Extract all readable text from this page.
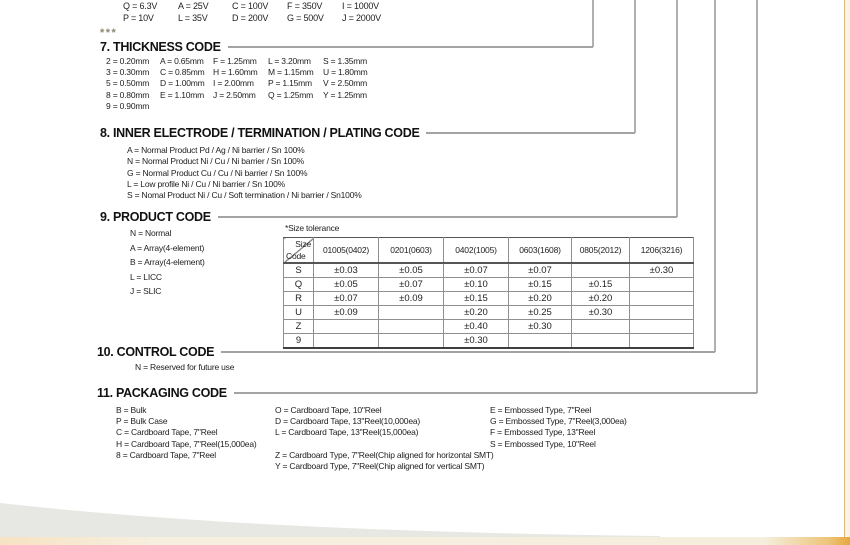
Q = 6.3V	A = 25V	C = 100V	F = 350V	I = 1000V
P = 10V	L = 35V	D = 200V	G = 500V	J = 2000V
***
7. THICKNESS CODE
2 = 0.20mm
3 = 0.30mm
5 = 0.50mm
8 = 0.80mm
9 = 0.90mm
A = 0.65mm
C = 0.85mm
D = 1.00mm
E = 1.10mm
F = 1.25mm
H = 1.60mm
I = 2.00mm
J = 2.50mm
L = 3.20mm
M = 1.15mm
P = 1.15mm
Q = 1.25mm
S = 1.35mm
U = 1.80mm
V = 2.50mm
Y = 1.25mm
8. INNER ELECTRODE / TERMINATION / PLATING CODE
A = Normal Product Pd / Ag / Ni barrier / Sn 100%
N = Normal Product Ni / Cu / Ni barrier / Sn 100%
G = Normal Product Cu / Cu / Ni barrier / Sn 100%
L = Low profile Ni / Cu / Ni barrier / Sn 100%
S = Nomal Product Ni / Cu / Soft termination / Ni barrier / Sn100%
9. PRODUCT CODE
N = Normal
A = Array(4-element)
B = Array(4-element)
L = LICC
J = SLIC
*Size tolerance
Size
Code	01005(0402)	0201(0603)	0402(1005)	0603(1608)	0805(2012)	1206(3216)
S	±0.03	±0.05	±0.07	±0.07		±0.30
Q	±0.05	±0.07	±0.10	±0.15	±0.15	
R	±0.07	±0.09	±0.15	±0.20	±0.20	
U	±0.09		±0.20	±0.25	±0.30	
Z			±0.40	±0.30		
9			±0.30			
10. CONTROL CODE
N = Reserved for future use
11. PACKAGING CODE
B = Bulk
P = Bulk Case
C = Cardboard Tape, 7"Reel
H = Cardboard Tape, 7"Reel(15,000ea)
8 = Cardboard Tape, 7"Reel
O = Cardboard Tape, 10"Reel
D = Cardboard Tape, 13"Reel(10,000ea)
L = Cardboard Tape, 13"Reel(15,000ea)
Z = Cardboard Type, 7"Reel(Chip aligned for horizontal SMT)
Y = Cardboard Type, 7"Reel(Chip aligned for vertical SMT)
E = Embossed Type, 7"Reel
G = Embossed Type, 7"Reel(3,000ea)
F = Embossed Type, 13"Reel
S = Embossed Type, 10"Reel
